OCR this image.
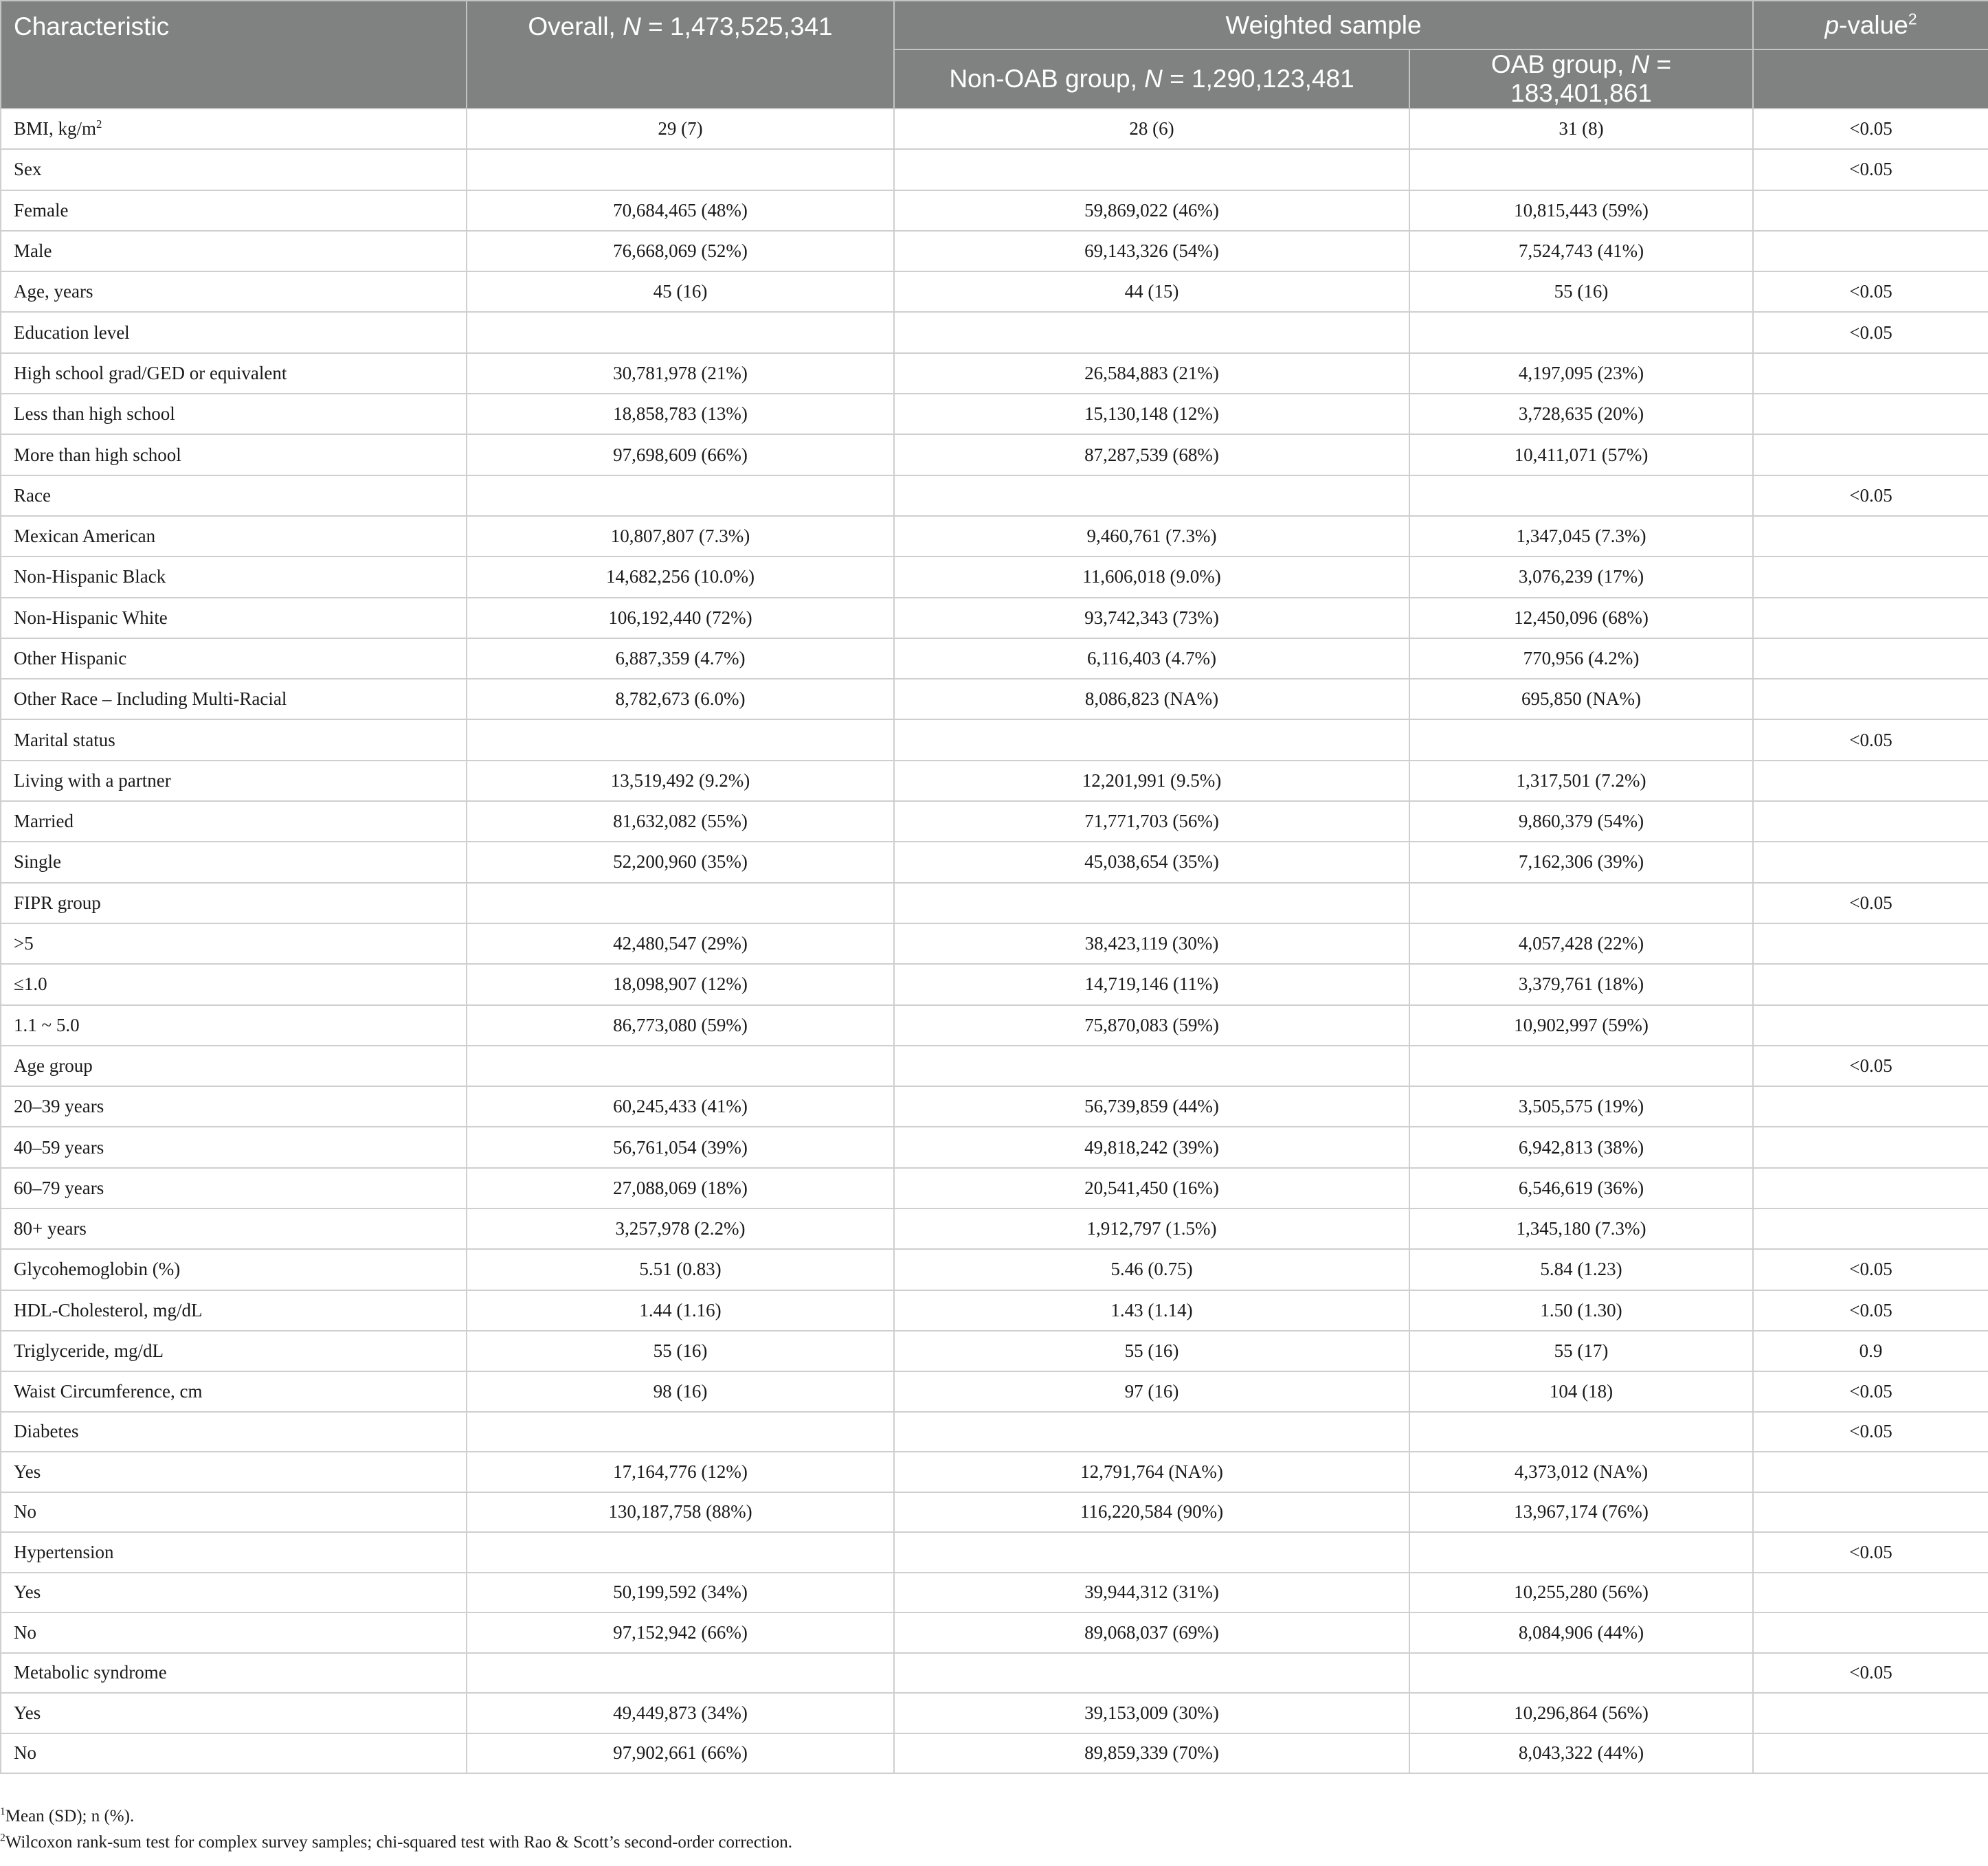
Characteristic	Overall, N = 1,473,525,341	Weighted sample		p-value$^2$
		Non-OAB group, N = 1,290,123,481	OAB group, N = 183,401,861	
BMI, $kg/m^2$	29 (7)	28 (6)	31 (8)	<0.05
Sex				<0.05
Female	70,684,465 (48%)	59,869,022 (46%)	10,815,443 (59%)	
Male	76,668,069 (52%)	69,143,326 (54%)	7,524,743 (41%)	
Age, years	45 (16)	44 (15)	55 (16)	<0.05
Education level				<0.05
High school grad/GED or equivalent	30,781,978 (21%)	26,584,883 (21%)	4,197,095 (23%)	
Less than high school	18,858,783 (13%)	15,130,148 (12%)	3,728,635 (20%)	
More than high school	97,698,609 (66%)	87,287,539 (68%)	10,411,071 (57%)	
Race				<0.05
Mexican American	10,807,807 (7.3%)	9,460,761 (7.3%)	1,347,045 (7.3%)	
Non-Hispanic Black	14,682,256 (10.0%)	11,606,018 (9.0%)	3,076,239 (17%)	
Non-Hispanic White	106,192,440 (72%)	93,742,343 (73%)	12,450,096 (68%)	
Other Hispanic	6,887,359 (4.7%)	6,116,403 (4.7%)	770,956 (4.2%)	
Other Race – Including Multi-Racial	8,782,673 (6.0%)	8,086,823 (NA%)	695,850 (NA%)	
Marital status				<0.05
Living with a partner	13,519,492 (9.2%)	12,201,991 (9.5%)	1,317,501 (7.2%)	
Married	81,632,082 (55%)	71,771,703 (56%)	9,860,379 (54%)	
Single	52,200,960 (35%)	45,038,654 (35%)	7,162,306 (39%)	
FIPR group				<0.05
>5	42,480,547 (29%)	38,423,119 (30%)	4,057,428 (22%)	
≤1.0	18,098,907 (12%)	14,719,146 (11%)	3,379,761 (18%)	
1.1 ~ 5.0	86,773,080 (59%)	75,870,083 (59%)	10,902,997 (59%)	
Age group				<0.05
20–39 years	60,245,433 (41%)	56,739,859 (44%)	3,505,575 (19%)	
40–59 years	56,761,054 (39%)	49,818,242 (39%)	6,942,813 (38%)	
60–79 years	27,088,069 (18%)	20,541,450 (16%)	6,546,619 (36%)	
80+ years	3,257,978 (2.2%)	1,912,797 (1.5%)	1,345,180 (7.3%)	
Glycohemoglobin (%)	5.51 (0.83)	5.46 (0.75)	5.84 (1.23)	<0.05
HDL-Cholesterol, mg/dL	1.44 (1.16)	1.43 (1.14)	1.50 (1.30)	<0.05
Triglyceride, mg/dL	55 (16)	55 (16)	55 (17)	0.9
Waist Circumference, cm	98 (16)	97 (16)	104 (18)	<0.05
Diabetes				<0.05
Yes	17,164,776 (12%)	12,791,764 (NA%)	4,373,012 (NA%)	
No	130,187,758 (88%)	116,220,584 (90%)	13,967,174 (76%)	
Hypertension				<0.05
Yes	50,199,592 (34%)	39,944,312 (31%)	10,255,280 (56%)	
No	97,152,942 (66%)	89,068,037 (69%)	8,084,906 (44%)	
Metabolic syndrome				<0.05
Yes	49,449,873 (34%)	39,153,009 (30%)	10,296,864 (56%)	
No	97,902,661 (66%)	89,859,339 (70%)	8,043,322 (44%)	

$^1$Mean (SD); n (%).

$^2$Wilcoxon rank-sum test for complex survey samples; chi-squared test with Rao & Scott’s second-order correction.
